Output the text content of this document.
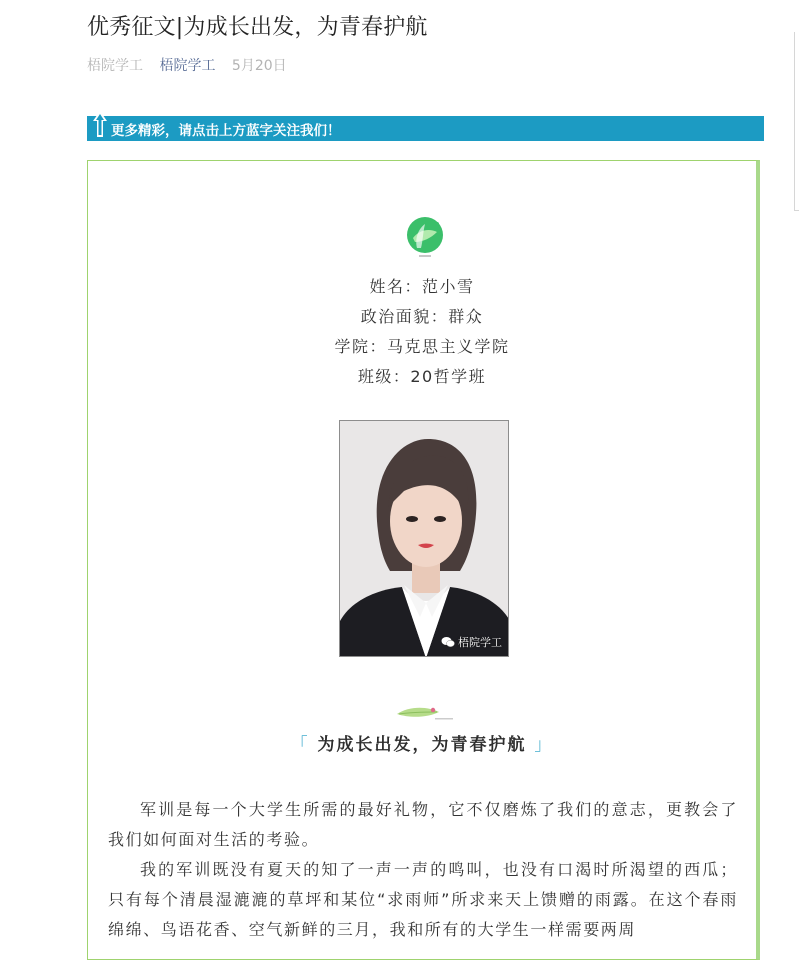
优秀征文|为成长出发，为青春护航
梧院学工 梧院学工 5月20日
更多精彩，请点击上方蓝字关注我们！
姓名：范小雪
政治面貌：群众
学院：马克思主义学院
班级：20哲学班
梧院学工
「 为成长出发，为青春护航 」

军训是每一个大学生所需的最好礼物，它不仅磨炼了我们的意志，更教会了我们如何面对生活的考验。

我的军训既没有夏天的知了一声一声的鸣叫，也没有口渴时所渴望的西瓜；只有每个清晨湿漉漉的草坪和某位“求雨师”所求来天上馈赠的雨露。在这个春雨绵绵、鸟语花香、空气新鲜的三月，我和所有的大学生一样需要两周
